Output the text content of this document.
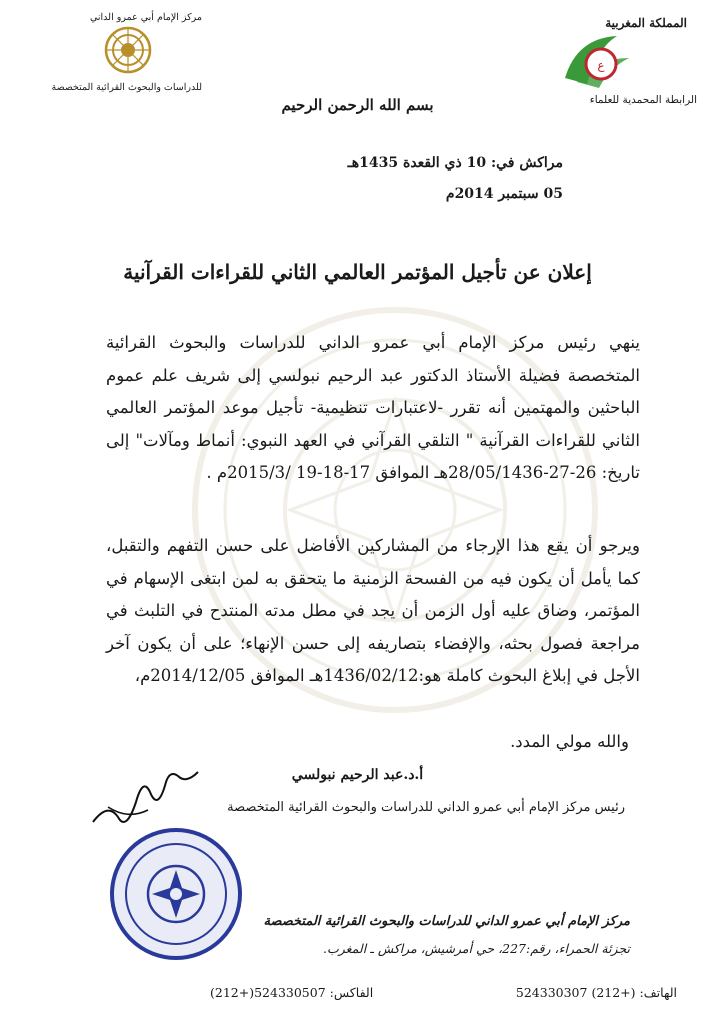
المملكة المغربية
ع
الرابطة المحمدية للعلماء
مركز الإمام أبي عمرو الداني
للدراسات والبحوث القرائية المتخصصة
بسم الله الرحمن الرحيم
مراكش في: 10 ذي القعدة 1435هـ
05 سبتمبر 2014م
إعلان عن تأجيل المؤتمر العالمي الثاني للقراءات القرآنية
ينهي رئيس مركز الإمام أبي عمرو الداني للدراسات والبحوث القرائية المتخصصة فضيلة الأستاذ الدكتور عبد الرحيم نبولسي إلى شريف علم عموم الباحثين والمهتمين أنه تقرر -لاعتبارات تنظيمية- تأجيل موعد المؤتمر العالمي الثاني للقراءات القرآنية " التلقي القرآني في العهد النبوي: أنماط ومآلات" إلى تاريخ: 26-27-28/05/1436هـ الموافق 17-18-19 /2015/3م .
ويرجو أن يقع هذا الإرجاء من المشاركين الأفاضل على حسن التفهم والتقبل، كما يأمل أن يكون فيه من الفسحة الزمنية ما يتحقق به لمن ابتغى الإسهام في المؤتمر، وضاق عليه أول الزمن أن يجد في مطل مدته المنتدح في التلبث في مراجعة فصول بحثه، والإفضاء بتصاريفه إلى حسن الإنهاء؛ على أن يكون آخر الأجل في إبلاغ البحوث كاملة هو:1436/02/12هـ الموافق 2014/12/05م،
والله مولي المدد.
أ.د.عبد الرحيم نبولسي
رئيس مركز الإمام أبي عمرو الداني للدراسات والبحوث القرائية المتخصصة
مركز الإمام أبي عمرو الداني للدراسات والبحوث القرائية المتخصصة
تجزئة الحمراء، رقم:227، حي أمرشيش، مراكش ـ المغرب.
الهاتف: 524330307 (212+)
الفاكس: (212+)524330507
